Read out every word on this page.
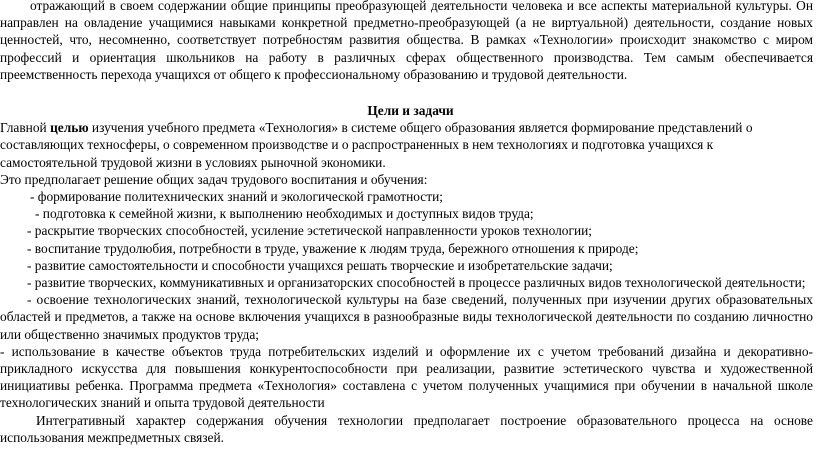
отражающий в своем содержании общие принципы преобразующей деятельности человека и все аспекты материальной культуры. Он направлен на овладение учащимися навыками конкретной предметно-преобразующей (а не виртуальной) деятельности, создание новых ценностей, что, несомненно, соответствует потребностям развития общества. В рамках «Технологии» происходит знакомство с миром профессий и ориентация школьников на работу в различных сферах общественного производства. Тем самым обеспечивается преемственность перехода учащихся от общего к профессиональному образованию и трудовой деятельности.

Цели и задачи

Главной целью изучения учебного предмета «Технология» в системе общего образования является формирование представлений о составляющих техносферы, о современном производстве и о распространенных в нем технологиях и подготовка учащихся к самостоятельной трудовой жизни в условиях рыночной экономики.

Это предполагает решение общих задач трудового воспитания и обучения:

- формирование политехнических знаний и экологической грамотности;

- подготовка к семейной жизни, к выполнению необходимых и доступных видов труда;

- раскрытие творческих способностей, усиление эстетической направленности уроков технологии;

- воспитание трудолюбия, потребности в труде, уважение к людям труда, бережного отношения к природе;

- развитие самостоятельности и способности учащихся решать творческие и изобретательские задачи;

- развитие творческих, коммуникативных и организаторских способностей в процессе различных видов технологической деятельности;

- освоение технологических знаний, технологической культуры на базе сведений, полученных при изучении других образовательных областей и предметов, а также на основе включения учащихся в разнообразные виды технологической деятельности по созданию личностно или общественно значимых продуктов труда;

- использование в качестве объектов труда потребительских изделий и оформление их с учетом требований дизайна и декоративно-прикладного искусства для повышения конкурентоспособности при реализации, развитие эстетического чувства и художественной инициативы ребенка. Программа предмета «Технология» составлена с учетом полученных учащимися при обучении в начальной школе технологических знаний и опыта трудовой деятельности

Интегративный характер содержания обучения технологии предполагает построение образовательного процесса на основе использования межпредметных связей.
